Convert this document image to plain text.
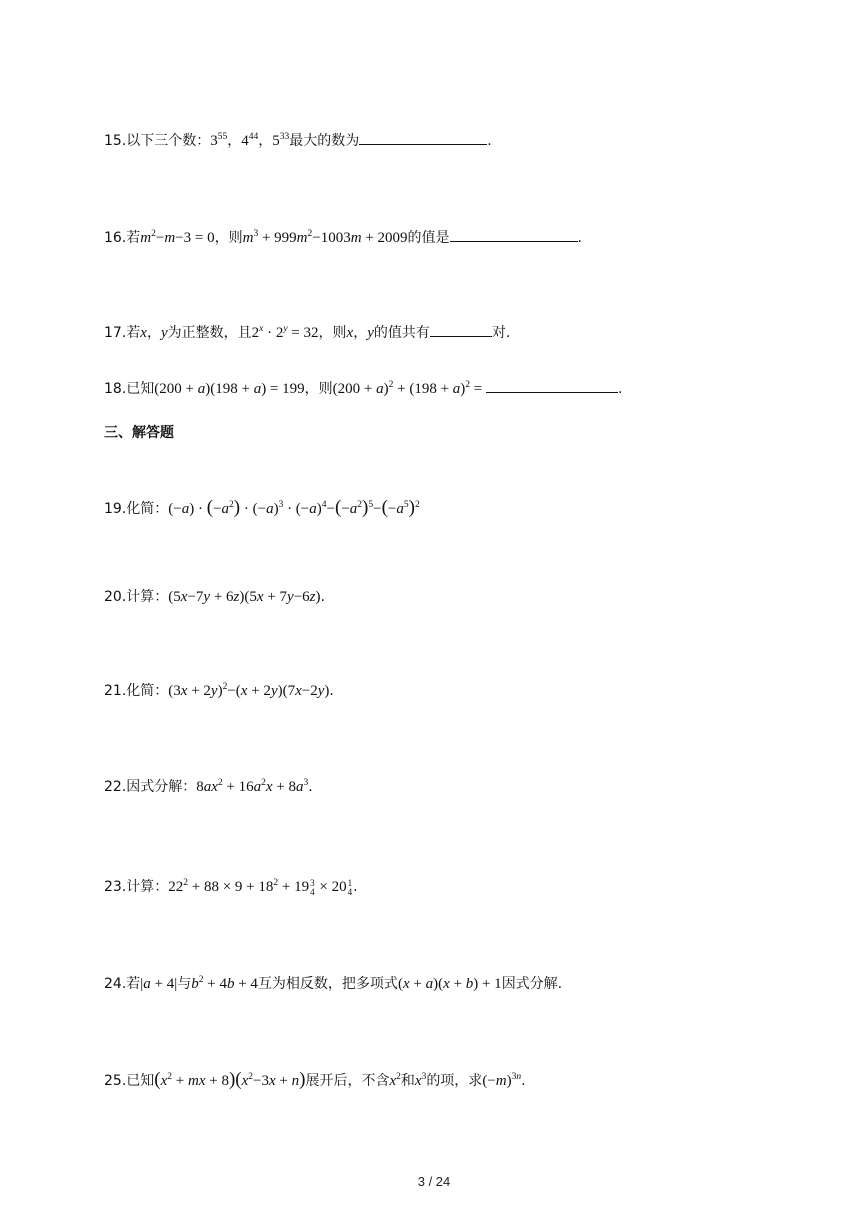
15.以下三个数：$3^{55}$，$4^{44}$，$5^{33}$最大的数为	.
16.若$m^2-m-3 = 0$，则$m^3 + 999m^2-1003m + 2009$的值是	.
17.若x，y为正整数，且$2^x \cdot 2^y = 32$，则x，y的值共有	对.
18.已知(200 + a)(198 + a) = 199，则$(200 + a)^2 + (198 + a)^2$ =	.
三、解答题
19.化简：$(-a) \cdot (-a^2) \cdot (-a)^3 \cdot (-a)^4-(-a^2)^5-(-a^5)^2$
20.计算：(5x−7y + 6z)(5x + 7y−6z).
21.化简：$(3x + 2y)^2-(x + 2y)(7x-2y)$.
22.因式分解：$8ax^2 + 16a^2x + 8a^3$.
23.计算：$22^2 + 88 \times 9 + 18^2 + 19$ 3
4 × 20 1
4 .
24.若|a + 4|与$b^2 + 4b + 4$互为相反数，把多项式(x + a)(x + b) + 1因式分解.
25.已知($x^2$ + mx + $8)(x^2-3x + n)$展开后，不含$x^2$和$x^3$的项，求$(-m)^{3n}$.
3 / 24
